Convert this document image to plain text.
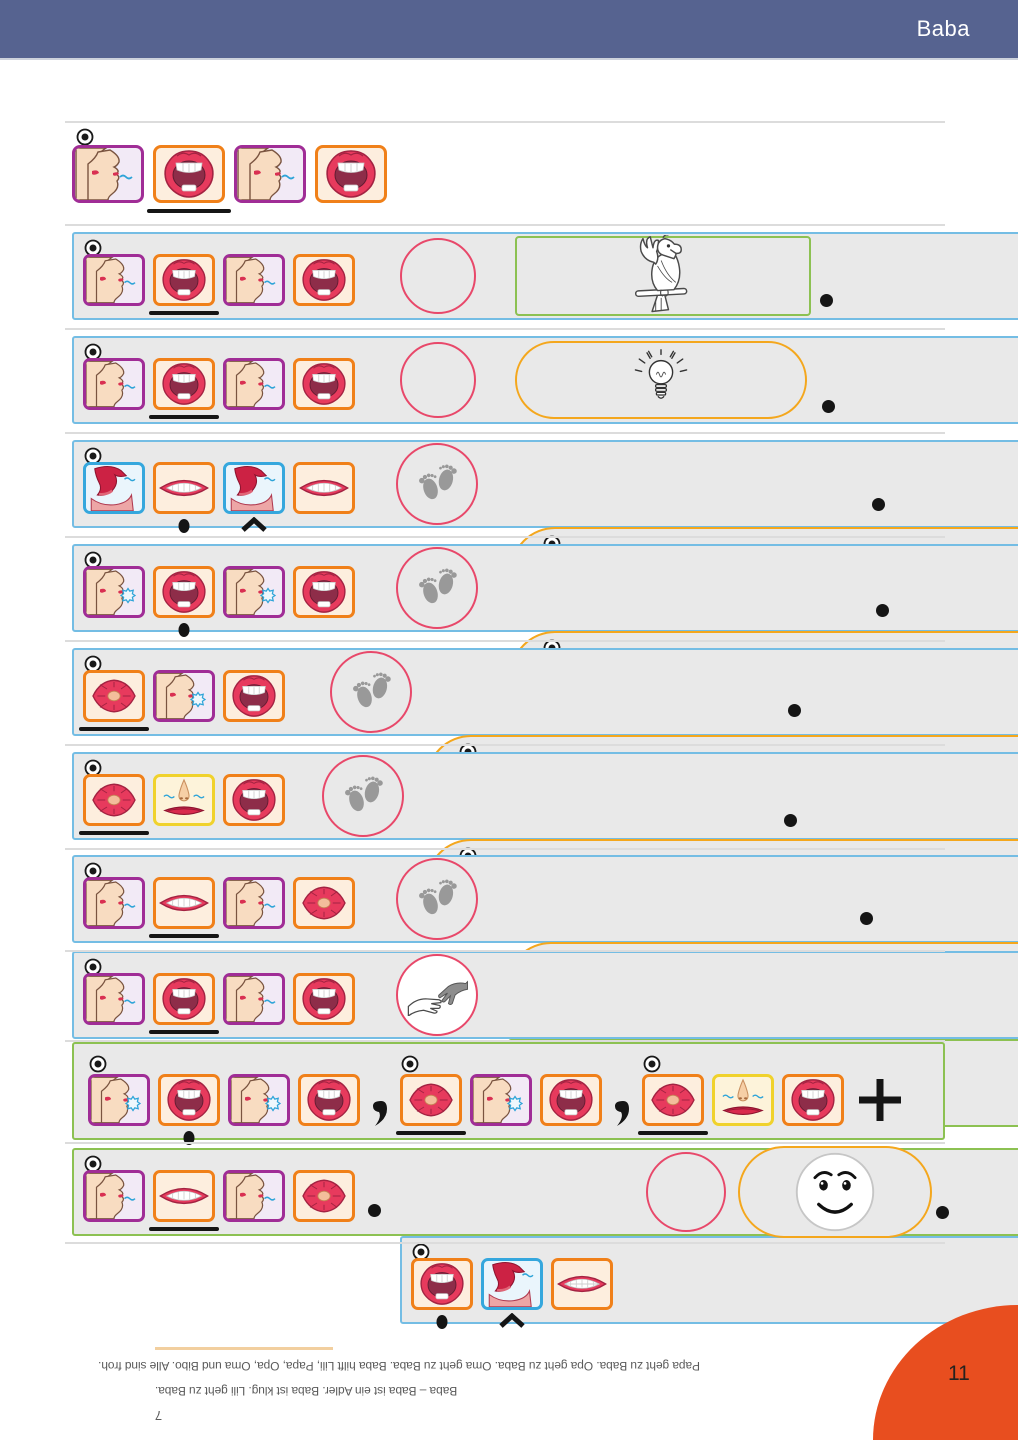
Baba
7
Baba – Baba ist ein Adler. Baba ist klug. Lili geht zu Baba.
Papa geht zu Baba. Opa geht zu Baba. Oma geht zu Baba. Baba hilft Lili, Papa, Opa, Oma und Bibo. Alle sind froh.	11
